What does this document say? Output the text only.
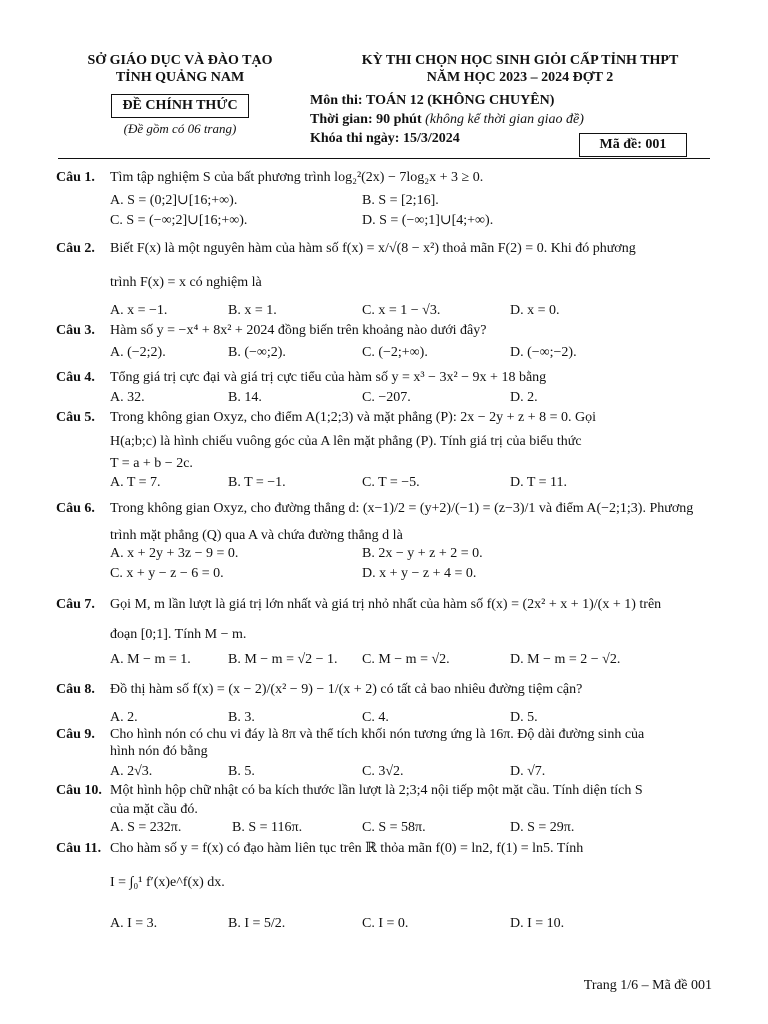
SỞ GIÁO DỤC VÀ ĐÀO TẠO
TỈNH QUẢNG NAM
ĐỀ CHÍNH THỨC
(Đề gồm có 06 trang)
KỲ THI CHỌN HỌC SINH GIỎI CẤP TỈNH THPT
NĂM HỌC 2023 – 2024 ĐỢT 2
Môn thi: TOÁN 12 (KHÔNG CHUYÊN)
Thời gian: 90 phút (không kể thời gian giao đề)
Khóa thi ngày: 15/3/2024	Mã đề: 001
Câu 1. Tìm tập nghiệm S của bất phương trình log₂²(2x) − 7log₂x + 3 ≥ 0.
A. S = (0;2]∪[16;+∞).	B. S = [2;16].
C. S = (−∞;2]∪[16;+∞).	D. S = (−∞;1]∪[4;+∞).
Câu 2. Biết F(x) là một nguyên hàm của hàm số f(x) = x/√(8 − x²) thoả mãn F(2) = 0. Khi đó phương
trình F(x) = x có nghiệm là
A. x = −1.	B. x = 1.	C. x = 1 − √3.	D. x = 0.
Câu 3. Hàm số y = −x⁴ + 8x² + 2024 đồng biến trên khoảng nào dưới đây?
A. (−2;2).	B. (−∞;2).	C. (−2;+∞).	D. (−∞;−2).
Câu 4. Tổng giá trị cực đại và giá trị cực tiểu của hàm số y = x³ − 3x² − 9x + 18 bằng
A. 32.	B. 14.	C. −207.	D. 2.
Câu 5. Trong không gian Oxyz, cho điểm A(1;2;3) và mặt phẳng (P): 2x − 2y + z + 8 = 0. Gọi
H(a;b;c) là hình chiếu vuông góc của A lên mặt phẳng (P). Tính giá trị của biểu thức
T = a + b − 2c.
A. T = 7.	B. T = −1.	C. T = −5.	D. T = 11.
Câu 6. Trong không gian Oxyz, cho đường thẳng d: (x−1)/2 = (y+2)/(−1) = (z−3)/1 và điểm A(−2;1;3). Phương
trình mặt phẳng (Q) qua A và chứa đường thẳng d là
A. x + 2y + 3z − 9 = 0.	B. 2x − y + z + 2 = 0.
C. x + y − z − 6 = 0.	D. x + y − z + 4 = 0.
Câu 7. Gọi M, m lần lượt là giá trị lớn nhất và giá trị nhỏ nhất của hàm số f(x) = (2x² + x + 1)/(x + 1) trên
đoạn [0;1]. Tính M − m.
A. M − m = 1.	B. M − m = √2 − 1. C. M − m = √2.	D. M − m = 2 − √2.
Câu 8. Đồ thị hàm số f(x) = (x − 2)/(x² − 9) − 1/(x + 2) có tất cả bao nhiêu đường tiệm cận?
A. 2.	B. 3.	C. 4.	D. 5.
Câu 9. Cho hình nón có chu vi đáy là 8π và thể tích khối nón tương ứng là 16π. Độ dài đường sinh của
hình nón đó bằng
A. 2√3.	B. 5.	C. 3√2.	D. √7.
Câu 10. Một hình hộp chữ nhật có ba kích thước lần lượt là 2;3;4 nội tiếp một mặt cầu. Tính diện tích S
của mặt cầu đó.
A. S = 232π.	B. S = 116π.	C. S = 58π.	D. S = 29π.
Câu 11. Cho hàm số y = f(x) có đạo hàm liên tục trên ℝ thỏa mãn f(0) = ln2, f(1) = ln5. Tính
I = ∫₀¹ f′(x)e^f(x) dx.
A. I = 3.	B. I = 5/2.	C. I = 0.	D. I = 10.
Trang 1/6 – Mã đề 001
